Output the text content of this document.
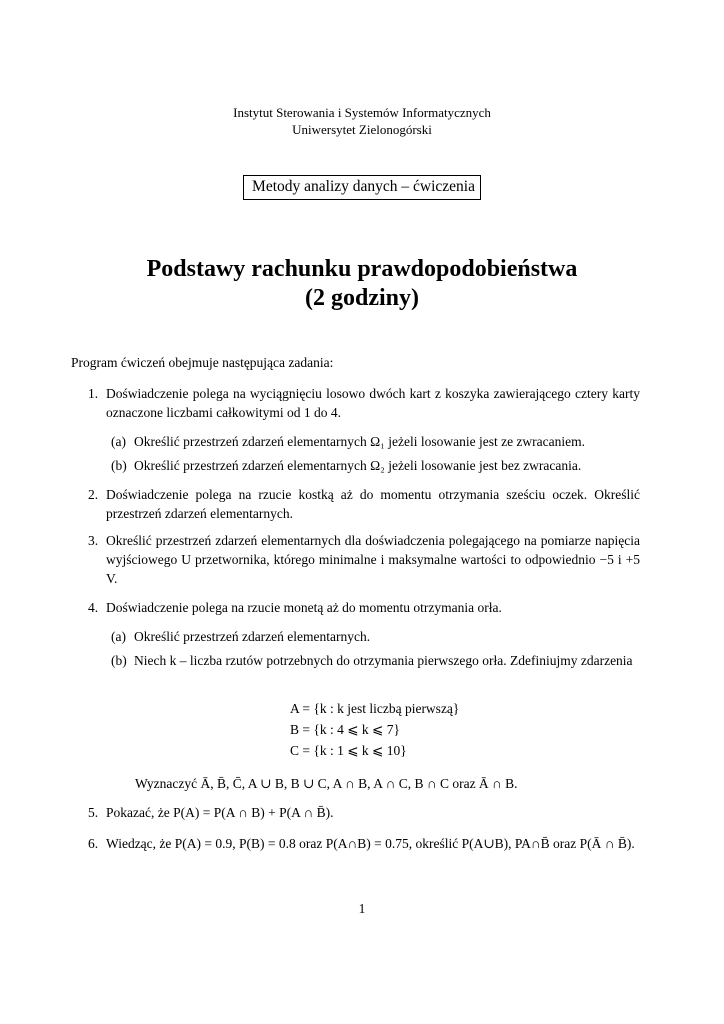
Instytut Sterowania i Systemów Informatycznych
Uniwersytet Zielonogórski
Metody analizy danych – ćwiczenia
Podstawy rachunku prawdopodobieństwa
(2 godziny)
Program ćwiczeń obejmuje następująca zadania:
1. Doświadczenie polega na wyciągnięciu losowo dwóch kart z koszyka zawierającego cztery karty oznaczone liczbami całkowitymi od 1 do 4.
(a) Określić przestrzeń zdarzeń elementarnych Ω₁ jeżeli losowanie jest ze zwracaniem.
(b) Określić przestrzeń zdarzeń elementarnych Ω₂ jeżeli losowanie jest bez zwracania.
2. Doświadczenie polega na rzucie kostką aż do momentu otrzymania sześciu oczek. Określić przestrzeń zdarzeń elementarnych.
3. Określić przestrzeń zdarzeń elementarnych dla doświadczenia polegającego na pomiarze napięcia wyjściowego U przetwornika, którego minimalne i maksymalne wartości to odpowiednio −5 i +5 V.
4. Doświadczenie polega na rzucie monetą aż do momentu otrzymania orła.
(a) Określić przestrzeń zdarzeń elementarnych.
(b) Niech k – liczba rzutów potrzebnych do otrzymania pierwszego orła. Zdefiniujmy zdarzenia
A = {k : k jest liczbą pierwszą}
B = {k : 4 ⩽ k ⩽ 7}
C = {k : 1 ⩽ k ⩽ 10}
Wyznaczyć Ā, B̄, C̄, A ∪ B, B ∪ C, A ∩ B, A ∩ C, B ∩ C oraz Ā ∩ B.
5. Pokazać, że P(A) = P(A ∩ B) + P(A ∩ B̄).
6. Wiedząc, że P(A) = 0.9, P(B) = 0.8 oraz P(A∩B) = 0.75, określić P(A∪B), PA∩B̄ oraz P(Ā ∩ B̄).
1
